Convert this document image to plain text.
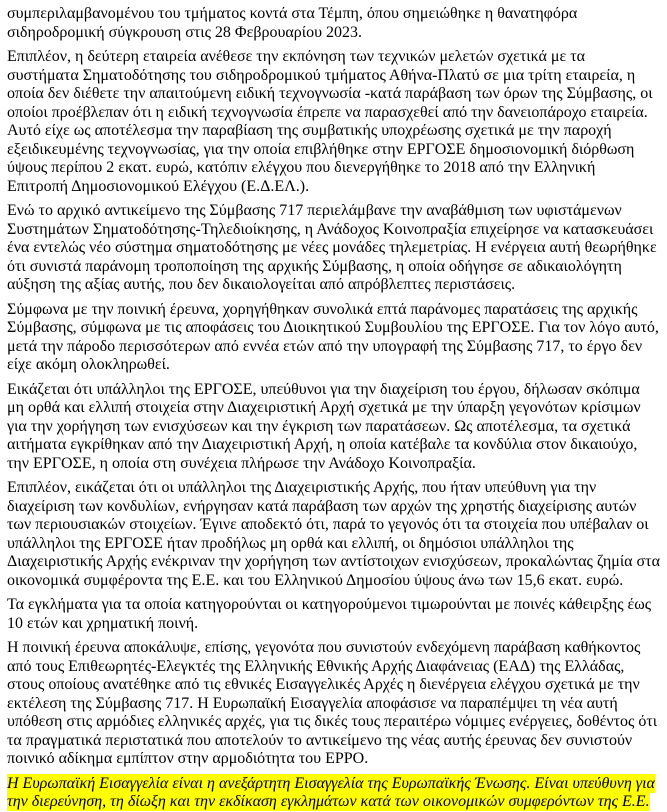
συμπεριλαμβανομένου του τμήματος κοντά στα Τέμπη, όπου σημειώθηκε η θανατηφόρα σιδηροδρομική σύγκρουση στις 28 Φεβρουαρίου 2023.

Επιπλέον, η δεύτερη εταιρεία ανέθεσε την εκπόνηση των τεχνικών μελετών σχετικά με τα συστήματα Σηματοδότησης του σιδηροδρομικού τμήματος Αθήνα-Πλατύ σε μια τρίτη εταιρεία, η οποία δεν διέθετε την απαιτούμενη ειδική τεχνογνωσία -κατά παράβαση των όρων της Σύμβασης, οι οποίοι προέβλεπαν ότι η ειδική τεχνογνωσία έπρεπε να παρασχεθεί από την δανειοπάροχο εταιρεία. Αυτό είχε ως αποτέλεσμα την παραβίαση της συμβατικής υποχρέωσης σχετικά με την παροχή εξειδικευμένης τεχνογνωσίας, για την οποία επιβλήθηκε στην ΕΡΓΟΣΕ δημοσιονομική διόρθωση ύψους περίπου 2 εκατ. ευρώ, κατόπιν ελέγχου που διενεργήθηκε το 2018 από την Ελληνική Επιτροπή Δημοσιονομικού Ελέγχου (Ε.Δ.ΕΛ.).

Ενώ το αρχικό αντικείμενο της Σύμβασης 717 περιελάμβανε την αναβάθμιση των υφιστάμενων Συστημάτων Σηματοδότησης-Τηλεδιοίκησης, η Ανάδοχος Κοινοπραξία επιχείρησε να κατασκευάσει ένα εντελώς νέο σύστημα σηματοδότησης με νέες μονάδες τηλεμετρίας. Η ενέργεια αυτή θεωρήθηκε ότι συνιστά παράνομη τροποποίηση της αρχικής Σύμβασης, η οποία οδήγησε σε αδικαιολόγητη αύξηση της αξίας αυτής, που δεν δικαιολογείται από απρόβλεπτες περιστάσεις.

Σύμφωνα με την ποινική έρευνα, χορηγήθηκαν συνολικά επτά παράνομες παρατάσεις της αρχικής Σύμβασης, σύμφωνα με τις αποφάσεις του Διοικητικού Συμβουλίου της ΕΡΓΟΣΕ. Για τον λόγο αυτό, μετά την πάροδο περισσότερων από εννέα ετών από την υπογραφή της Σύμβασης 717, το έργο δεν είχε ακόμη ολοκληρωθεί.

Εικάζεται ότι υπάλληλοι της ΕΡΓΟΣΕ, υπεύθυνοι για την διαχείριση του έργου, δήλωσαν σκόπιμα μη ορθά και ελλιπή στοιχεία στην Διαχειριστική Αρχή σχετικά με την ύπαρξη γεγονότων κρίσιμων για την χορήγηση των ενισχύσεων και την έγκριση των παρατάσεων. Ως αποτέλεσμα, τα σχετικά αιτήματα εγκρίθηκαν από την Διαχειριστική Αρχή, η οποία κατέβαλε τα κονδύλια στον δικαιούχο, την ΕΡΓΟΣΕ, η οποία στη συνέχεια πλήρωσε την Ανάδοχο Κοινοπραξία.

Επιπλέον, εικάζεται ότι οι υπάλληλοι της Διαχειριστικής Αρχής, που ήταν υπεύθυνη για την διαχείριση των κονδυλίων, ενήργησαν κατά παράβαση των αρχών της χρηστής διαχείρισης αυτών των περιουσιακών στοιχείων. Έγινε αποδεκτό ότι, παρά το γεγονός ότι τα στοιχεία που υπέβαλαν οι υπάλληλοι της ΕΡΓΟΣΕ ήταν προδήλως μη ορθά και ελλιπή, οι δημόσιοι υπάλληλοι της Διαχειριστικής Αρχής ενέκριναν την χορήγηση των αντίστοιχων ενισχύσεων, προκαλώντας ζημία στα οικονομικά συμφέροντα της Ε.Ε. και του Ελληνικού Δημοσίου ύψους άνω των 15,6 εκατ. ευρώ.

Τα εγκλήματα για τα οποία κατηγορούνται οι κατηγορούμενοι τιμωρούνται με ποινές κάθειρξης έως 10 ετών και χρηματική ποινή.

Η ποινική έρευνα αποκάλυψε, επίσης, γεγονότα που συνιστούν ενδεχόμενη παράβαση καθήκοντος από τους Επιθεωρητές-Ελεγκτές της Ελληνικής Εθνικής Αρχής Διαφάνειας (ΕΑΔ) της Ελλάδας, στους οποίους ανατέθηκε από τις εθνικές Εισαγγελικές Αρχές η διενέργεια ελέγχου σχετικά με την εκτέλεση της Σύμβασης 717. Η Ευρωπαϊκή Εισαγγελία αποφάσισε να παραπέμψει τη νέα αυτή υπόθεση στις αρμόδιες ελληνικές αρχές, για τις δικές τους περαιτέρω νόμιμες ενέργειες, δοθέντος ότι τα πραγματικά περιστατικά που αποτελούν το αντικείμενο της νέας αυτής έρευνας δεν συνιστούν ποινικό αδίκημα εμπίπτον στην αρμοδιότητα του EPPO.

Η Ευρωπαϊκή Εισαγγελία είναι η ανεξάρτητη Εισαγγελία της Ευρωπαϊκής Ένωσης. Είναι υπεύθυνη για την διερεύνηση, τη δίωξη και την εκδίκαση εγκλημάτων κατά των οικονομικών συμφερόντων της Ε.Ε.
